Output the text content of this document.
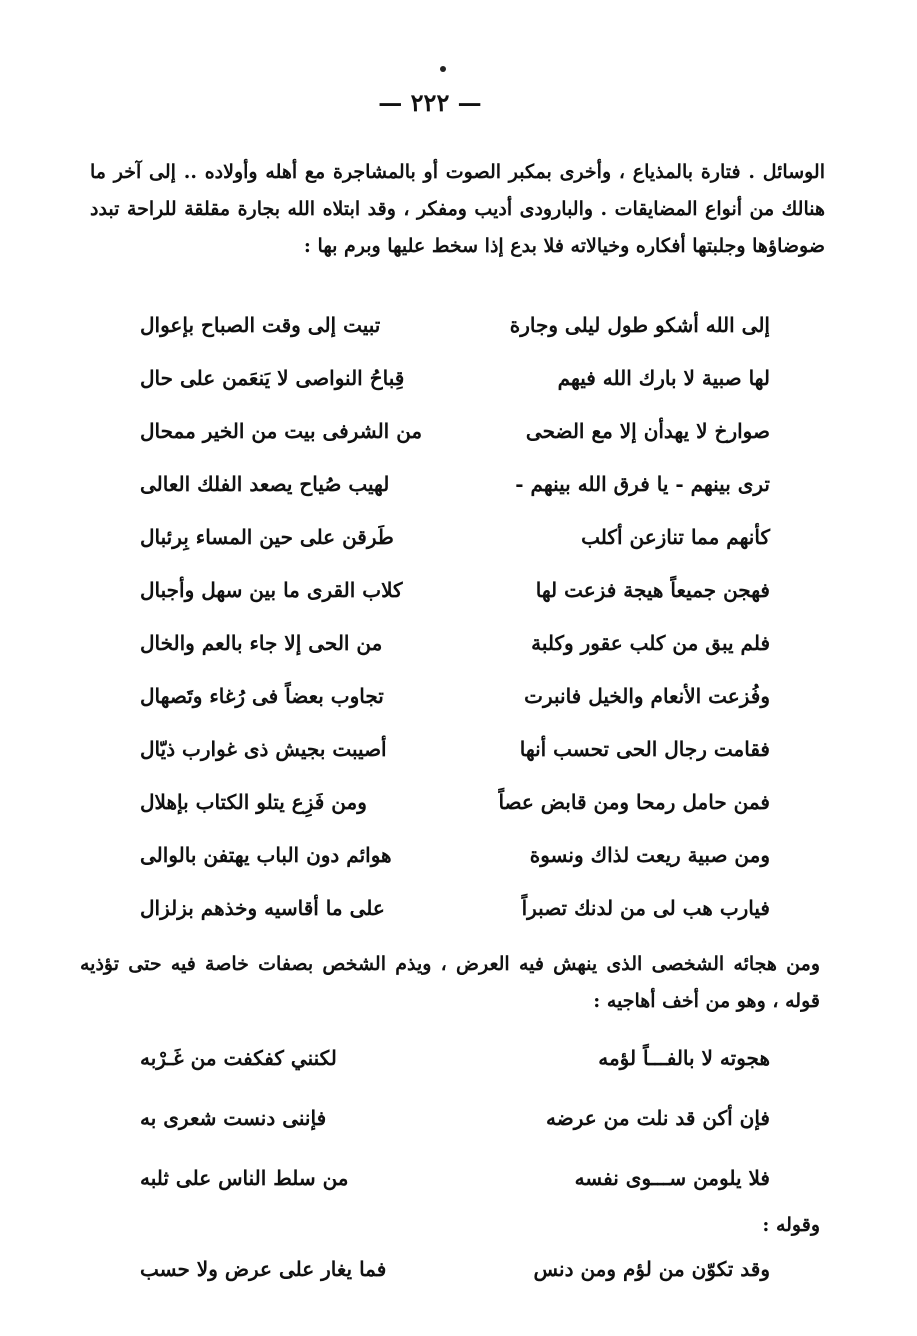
— ٢٢٢ —
الوسائل . فتارة بالمذياع ، وأخرى بمكبر الصوت أو بالمشاجرة مع أهله وأولاده .. إلى آخر ما هنالك من أنواع المضايقات . والبارودى أديب ومفكر ، وقد ابتلاه الله بجارة مقلقة للراحة تبدد ضوضاؤها وجلبتها أفكاره وخيالاته فلا بدع إذا سخط عليها وبرم بها :
إلى الله أشكو طول ليلى وجارة
تبيت إلى وقت الصباح بإعوال
لها صبية لا بارك الله فيهم
قِباحُ النواصى لا يَنعَمن على حال
صوارخ لا يهدأن إلا مع الضحى
من الشرفى بيت من الخير ممحال
ترى بينهم - يا فرق الله بينهم -
لهيب صُياح يصعد الفلك العالى
كأنهم مما تنازعن أكلب
طَرقن على حين المساء بِرئبال
فهجن جميعاً هيجة فزعت لها
كلاب القرى ما بين سهل وأجبال
فلم يبق من كلب عقور وكلبة
من الحى إلا جاء بالعم والخال
وفُزعت الأنعام والخيل فانبرت
تجاوب بعضاً فى رُغاء وتَصهال
فقامت رجال الحى تحسب أنها
أصيبت بجيش ذى غوارب ذيّال
فمن حامل رمحا ومن قابض عصاً
ومن فَزِع يتلو الكتاب بإهلال
ومن صبية ريعت لذاك ونسوة
هوائم دون الباب يهتفن بالوالى
فيارب هب لى من لدنك تصبراً
على ما أقاسيه وخذهم بزلزال
ومن هجائه الشخصى الذى ينهش فيه العرض ، ويذم الشخص بصفات خاصة فيه حتى تؤذيه قوله ، وهو من أخف أهاجيه :
هجوته لا بالفـــاً لؤمه
لكنني كفكفت من غَـرْبه
فإن أكن قد نلت من عرضه
فإننى دنست شعرى به
فلا يلومن ســـوى نفسه
من سلط الناس على ثلبه
وقوله :
وقد تكوّن من لؤم ومن دنس
فما يغار على عرض ولا حسب
